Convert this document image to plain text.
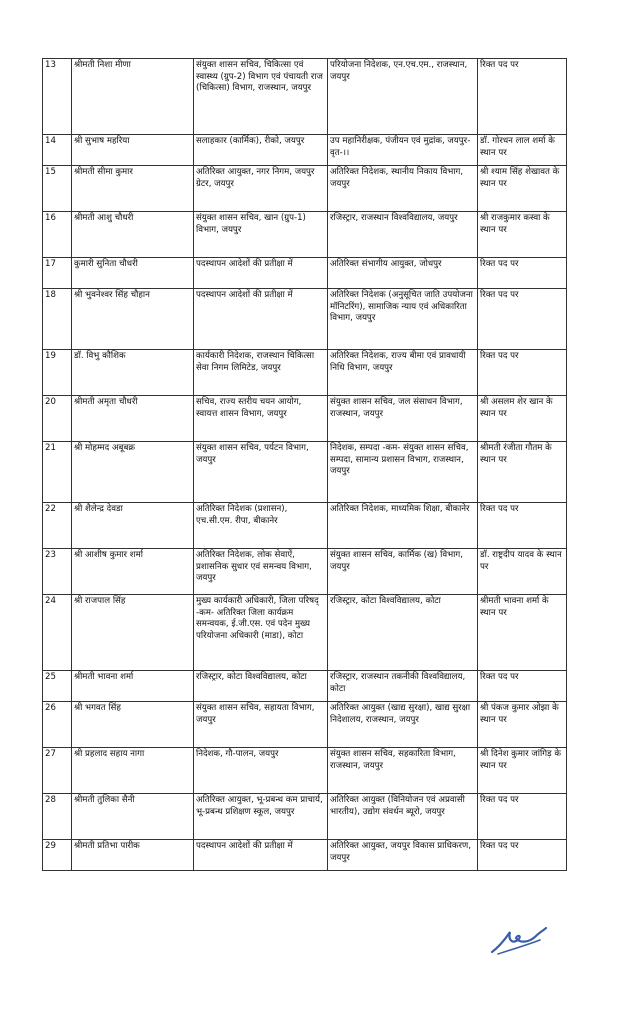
13	श्रीमती निशा मीणा	संयुक्त शासन सचिव, चिकित्सा एवं स्वास्थ्य (ग्रुप-2) विभाग एवं पंचायती राज (चिकित्सा) विभाग, राजस्थान, जयपुर	परियोजना निदेशक, एन.एच.एम., राजस्थान, जयपुर	रिक्त पद पर
14	श्री सुभाष महरिया	सलाहकार (कार्मिक), रीको, जयपुर	उप महानिरीक्षक, पंजीयन एवं मुद्रांक, जयपुर-वृत-।।	डॉ. गोरधन लाल शर्मा के स्थान पर
15	श्रीमती सीमा कुमार	अतिरिक्त आयुक्त, नगर निगम, जयपुर ग्रेटर, जयपुर	अतिरिक्त निदेशक, स्थानीय निकाय विभाग, जयपुर	श्री श्याम सिंह शेखावत के स्थान पर
16	श्रीमती आशु चौधरी	संयुक्त शासन सचिव, खान (ग्रुप-1) विभाग, जयपुर	रजिस्ट्रार, राजस्थान विश्वविद्यालय, जयपुर	श्री राजकुमार कस्वा के स्थान पर
17	कुमारी सुनिता चौधरी	पदस्थापन आदेशों की प्रतीक्षा में	अतिरिक्त संभागीय आयुक्त, जोधपुर	रिक्त पद पर
18	श्री भुवनेश्वर सिंह चौहान	पदस्थापन आदेशों की प्रतीक्षा में	अतिरिक्त निदेशक (अनुसूचित जाति उपयोजना मॉनिटरिंग), सामाजिक न्याय एवं अधिकारिता विभाग, जयपुर	रिक्त पद पर
19	डॉ. विभु कौशिक	कार्यकारी निदेशक, राजस्थान चिकित्सा सेवा निगम लिमिटेड, जयपुर	अतिरिक्त निदेशक, राज्य बीमा एवं प्रावधायी निधि विभाग, जयपुर	रिक्त पद पर
20	श्रीमती अमृता चौधरी	सचिव, राज्य स्तरीय चयन आयोग, स्वायत्त शासन विभाग, जयपुर	संयुक्त शासन सचिव, जल संसाधन विभाग, राजस्थान, जयपुर	श्री असलम शेर खान के स्थान पर
21	श्री मोहम्मद अबूबक्र	संयुक्त शासन सचिव, पर्यटन विभाग, जयपुर	निदेशक, सम्पदा -कम- संयुक्त शासन सचिव, सम्पदा, सामान्य प्रशासन विभाग, राजस्थान, जयपुर	श्रीमती रंजीता गौतम के स्थान पर
22	श्री शैलेन्द्र देवडा	अतिरिक्त निदेशक (प्रशासन), एच.सी.एम. रीपा, बीकानेर	अतिरिक्त निदेशक, माध्यमिक शिक्षा, बीकानेर	रिक्त पद पर
23	श्री आशीष कुमार शर्मा	अतिरिक्त निदेशक, लोक सेवाऐं, प्रशासनिक सुधार एवं समन्वय विभाग, जयपुर	संयुक्त शासन सचिव, कार्मिक (ख) विभाग, जयपुर	डॉ. राष्ट्रदीप यादव के स्थान पर
24	श्री राजपाल सिंह	मुख्य कार्यकारी अधिकारी, जिला परिषद् -कम- अतिरिक्त जिला कार्यक्रम समन्वयक, ई.जी.एस. एवं पदेन मुख्य परियोजना अधिकारी (माडा), कोटा	रजिस्ट्रार, कोटा विश्वविद्यालय, कोटा	श्रीमती भावना शर्मा के स्थान पर
25	श्रीमती भावना शर्मा	रजिस्ट्रार, कोटा विश्वविद्यालय, कोटा	रजिस्ट्रार, राजस्थान तकनीकी विश्वविद्यालय, कोटा	रिक्त पद पर
26	श्री भगवत सिंह	संयुक्त शासन सचिव, सहायता विभाग, जयपुर	अतिरिक्त आयुक्त (खाद्य सुरक्षा), खाद्य सुरक्षा निदेशालय, राजस्थान, जयपुर	श्री पंकज कुमार ओझा के स्थान पर
27	श्री प्रहलाद सहाय नागा	निदेशक, गौ-पालन, जयपुर	संयुक्त शासन सचिव, सहकारिता विभाग, राजस्थान, जयपुर	श्री दिनेश कुमार जांगिड़ के स्थान पर
28	श्रीमती तुलिका सैनी	अतिरिक्त आयुक्त, भू-प्रबन्ध कम प्राचार्य, भू-प्रबन्ध प्रशिक्षण स्कूल, जयपुर	अतिरिक्त आयुक्त (विनियोजन एवं अप्रवासी भारतीय), उद्योग संवर्धन ब्यूरो, जयपुर	रिक्त पद पर
29	श्रीमती प्रतिभा पारीक	पदस्थापन आदेशों की प्रतीक्षा में	अतिरिक्त आयुक्त, जयपुर विकास प्राधिकरण, जयपुर	रिक्त पद पर
